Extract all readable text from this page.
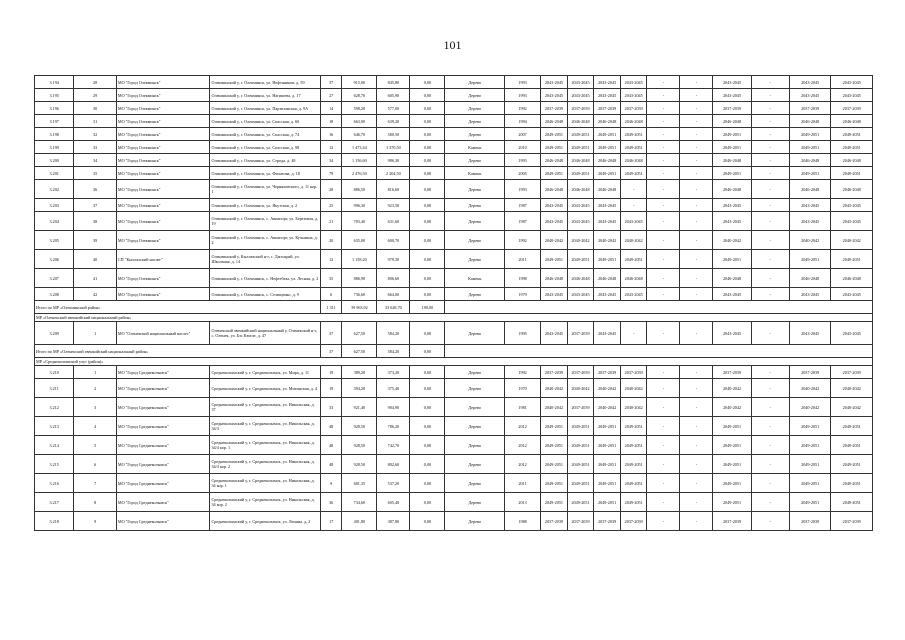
101
3.194	28	МО "Город Олекминск"	Олекминский у, г. Олекминск, ул. Нефтяников, д. 59	37	915,00	845,80	0,00	Дерево	1993	2043-2045	2043-2045	2043-2045	2043-2045	-	-	2043-2045	-	2043-2045	2043-2045
3.195	29	МО "Город Олекминск"	Олекминский у, г. Олекминск, ул. Нагишева, д. 17	27	628,70	605,90	0,00	Дерево	1993	2043-2045	2043-2045	2043-2045	2043-2045	-	-	2043-2045	-	2043-2045	2043-2045
3.196	30	МО "Город Олекминск"	Олекминский у, г. Олекминск, ул. Партизанская, д. 9А	14	598,20	577,00	0,00	Дерево	1992	2037-2039	2037-2039	2037-2039	2037-2039	-	-	2037-2039	-	2037-2039	2037-2039
3.197	31	МО "Город Олекминск"	Олекминский у, г. Олекминск, ул. Спасская, д. 60	18	663,00	639,20	0,00	Дерево	1994	2046-2048	2046-2048	2046-2048	2046-2048	-	-	2046-2048	-	2046-2048	2046-2048
3.198	32	МО "Город Олекминск"	Олекминский у, г. Олекминск, ул. Спасская, д. 74	16	646,70	580,50	0,00	Дерево	2007	2049-2051	2049-2051	2049-2051	2049-2051	-	-	2049-2051	-	2049-2051	2049-2051
3.199	33	МО "Город Олекминск"	Олекминский у, г. Олекминск, ул. Спасская, д. 98	12	1 473,44	1 370,50	0,00	Камень	2010	2049-2051	2049-2051	2049-2051	2049-2051	-	-	2049-2051	-	2049-2051	2049-2051
3.200	34	МО "Город Олекминск"	Олекминский у, г. Олекминск, ул. Строда, д. 48	34	1 156,60	986,30	0,00	Дерево	1993	2046-2048	2046-2048	2046-2048	2046-2048	-	-	2046-2048	-	2046-2048	2046-2048
3.201	35	МО "Город Олекминск"	Олекминский у, г. Олекминск, ул. Филатова, д. 18	79	2 476,50	2 204,50	0,00	Камень	2005	2049-2051	2049-2051	2049-2051	2049-2051	-	-	2049-2051	-	2049-2051	2049-2051
3.202	36	МО "Город Олекминск"	Олекминский у, г. Олекминск, ул. Черняховского, д. 11 кор. 1	28	886,50	816,60	0,00	Дерево	1993	2046-2048	2046-2048	2046-2048	-	-	-	2046-2048	-	2046-2048	2046-2048
3.203	37	МО "Город Олекминск"	Олекминский у, г. Олекминск, ул. Якутская, д. 2	25	996,30	923,50	0,00	Дерево	1987	2043-2045	2043-2045	2043-2045	-	-	-	2043-2045	-	2043-2045	2043-2045
3.204	38	МО "Город Олекминск"	Олекминский у, г. Олекминск, с. Авиапорт, ул. Березовая, д. 19	21	703,40	631,60	0,00	Дерево	1987	2043-2045	2043-2045	2043-2045	2043-2045	-	-	2043-2045	-	2043-2045	2043-2045
3.205	39	МО "Город Олекминск"	Олекминский у, г. Олекминск, с. Авиапорт, ул. Кузьмина, д. 2	20	635,00	600,70	0,00	Дерево	1992	2040-2042	2040-2042	2040-2042	2040-2042	-	-	2040-2042	-	2040-2042	2040-2042
3.206	40	СП "Кыллахский наслег"	Олекминский у, Кыллахский н-г, с. Дапсырай, ул. Школьная, д. 14	12	1 158,20	979,30	0,00	Дерево	2011	2049-2051	2049-2051	2049-2051	2049-2051	-	-	2049-2051	-	2049-2051	2049-2051
3.207	41	МО "Город Олекминск"	Олекминский у, г. Олекминск, с. Нефтебаза, ул. Лесная, д. 2	35	886,90	806,60	0,00	Камень	1998	2046-2048	2046-2048	2046-2048	2046-2048	-	-	2046-2048	-	2046-2048	2046-2048
3.208	42	МО "Город Олекминск"	Олекминский у, г. Олекминск, с. Селищенко, д. 9	6	736,60	664,00	0,00	Дерево	1979	2043-2045	2043-2045	2043-2045	2043-2045	-	-	2043-2045	-	2043-2045	2043-2045
Итого по МР «Олекминский район»				1 311	39 963,92	33 628,70	190,00												
МР «Оленекский эвенкийский национальный район»																			
3.209	1	МО "Оленекский национальный наслег"	Оленекский эвенкийский национальный у, Оленекский н-г, с. Оленек, ул. Бэс Кюеле, д. 47	37	627,50	584,20	0,00	Дерево	1995	2043-2045	2037-2039	2043-2045	-	-	-	2043-2045	-	2043-2045	2043-2045
Итого по МР «Оленекский эвенкийский национальный район»				37	627,50	584,20	0,00												
МР «Среднеколымский улус (район)»																			
3.210	1	МО "Город Среднеколымск"	Среднеколымский у, г. Среднеколымск, ул. Мира, д. 11	19	389,20	373,20	0,00	Дерево	1992	2037-2039	2037-2039	2037-2039	2037-2039	-	-	2037-2039	-	2037-2039	2037-2039
3.211	2	МО "Город Среднеколымск"	Среднеколымский у, г. Среднеколымск, ул. Митинская, д. 4	19	394,20	375,40	0,00	Дерево	1970	2040-2042	2040-2042	2040-2042	2040-2042	-	-	2040-2042	-	2040-2042	2040-2042
3.212	3	МО "Город Среднеколымск"	Среднеколымский у, г. Среднеколымск, ул. Никольская, д. 37	33	921,40	904,90	0,00	Дерево	1981	2040-2042	2037-2039	2040-2042	2040-2042	-	-	2040-2042	-	2040-2042	2040-2042
3.213	4	МО "Город Среднеколымск"	Среднеколымский у, г. Среднеколымск, ул. Никольская, д. 34/3	48	928,50	786,20	0,00	Дерево	2012	2049-2051	2049-2051	2049-2051	2049-2051	-	-	2049-2051	-	2049-2051	2049-2051
3.214	5	МО "Город Среднеколымск"	Среднеколымский у, г. Среднеколымск, ул. Никольская, д. 34/4 кор. 1	48	928,50	742,70	0,00	Дерево	2012	2049-2051	2049-2051	2049-2051	2049-2051	-	-	2049-2051	-	2049-2051	2049-2051
3.215	6	МО "Город Среднеколымск"	Среднеколымский у, г. Среднеколымск, ул. Никольская, д. 34/4 кор. 2	48	928,50	802,60	0,00	Дерево	2012	2049-2051	2049-2051	2049-2051	2049-2051	-	-	2049-2051	-	2049-2051	2049-2051
3.216	7	МО "Город Среднеколымск"	Среднеколымский у, г. Среднеколымск, ул. Никольская, д. 34 кор. 1	9	681,35	537,20	0,00	Дерево	2011	2049-2051	2049-2051	2049-2051	2049-2051	-	-	2049-2051	-	2049-2051	2049-2051
3.217	8	МО "Город Среднеколымск"	Среднеколымский у, г. Среднеколымск, ул. Никольская, д. 34 кор. 2	36	734,60	605,40	0,00	Дерево	2013	2049-2051	2049-2051	2049-2051	2049-2051	-	-	2049-2051	-	2049-2051	2049-2051
3.218	9	МО "Город Среднеколымск"	Среднеколымский у, г. Среднеколымск, ул. Ленина, д. 2	17	401,80	387,80	0,00	Дерево	1988	2037-2039	2037-2039	2037-2039	2037-2039	-	-	2037-2039	-	2037-2039	2037-2039
